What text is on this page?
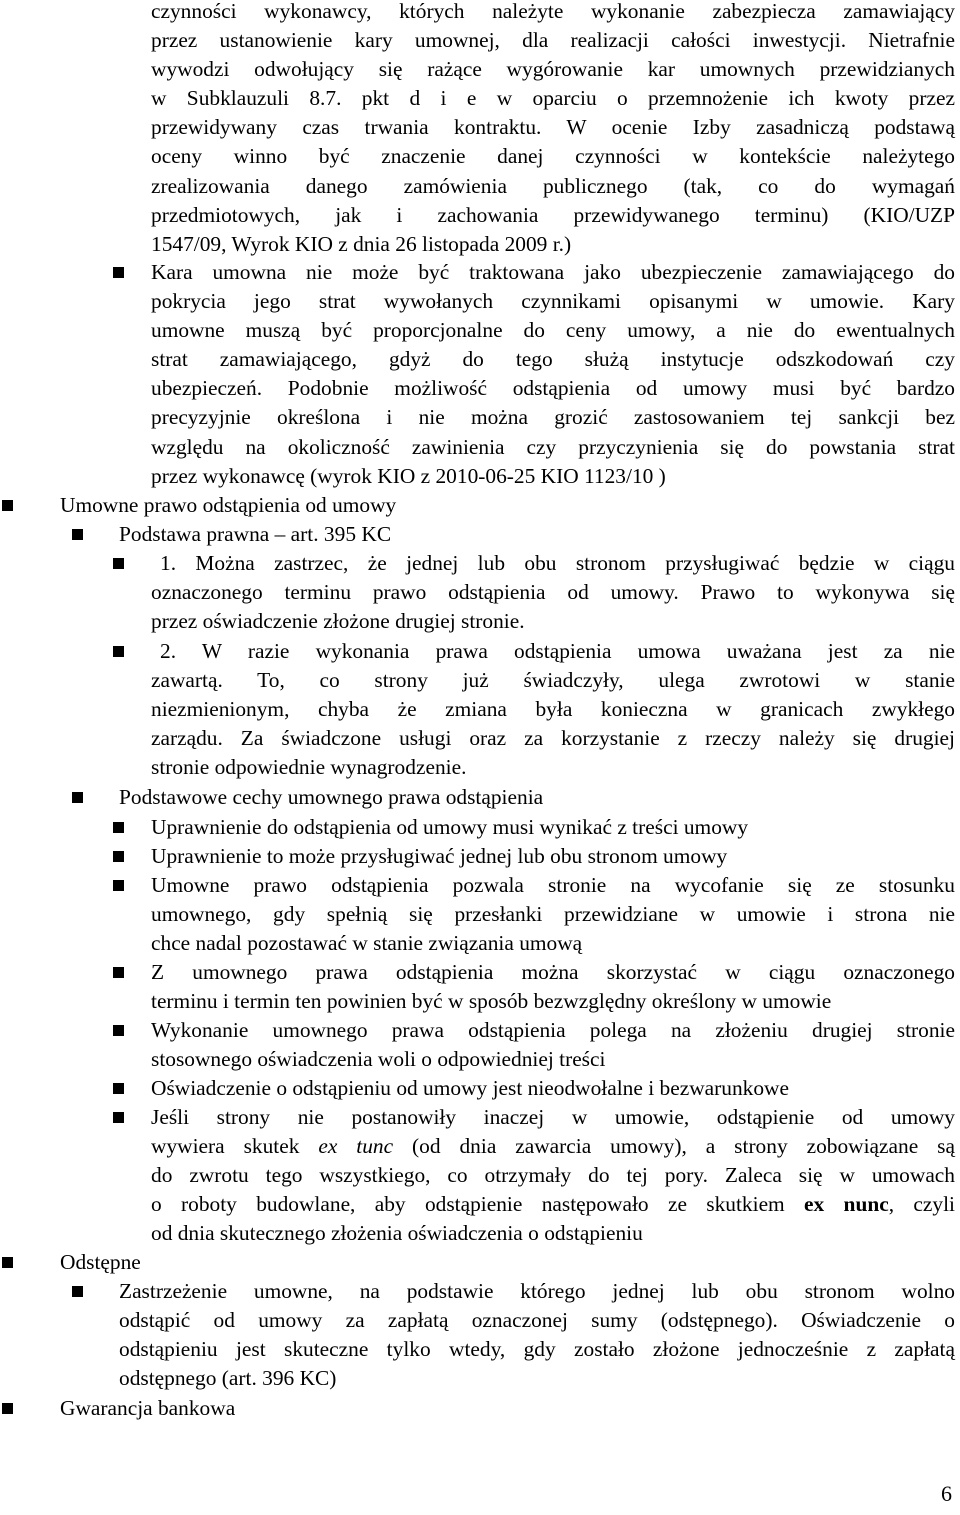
czynności wykonawcy, których należyte wykonanie zabezpiecza zamawiający
przez ustanowienie kary umownej, dla realizacji całości inwestycji. Nietrafnie
wywodzi odwołujący się rażące wygórowanie kar umownych przewidzianych
w Subklauzuli 8.7. pkt d i e w oparciu o przemnożenie ich kwoty przez
przewidywany czas trwania kontraktu. W ocenie Izby zasadniczą podstawą
oceny winno być znaczenie danej czynności w kontekście należytego
zrealizowania danego zamówienia publicznego (tak, co do wymagań
przedmiotowych, jak i zachowania przewidywanego terminu) (KIO/UZP
1547/09, Wyrok KIO z dnia 26 listopada 2009 r.)
Kara umowna nie może być traktowana jako ubezpieczenie zamawiającego do
pokrycia jego strat wywołanych czynnikami opisanymi w umowie. Kary
umowne muszą być proporcjonalne do ceny umowy, a nie do ewentualnych
strat zamawiającego, gdyż do tego służą instytucje odszkodowań czy
ubezpieczeń. Podobnie możliwość odstąpienia od umowy musi być bardzo
precyzyjnie określona i nie można grozić zastosowaniem tej sankcji bez
względu na okoliczność zawinienia czy przyczynienia się do powstania strat
przez wykonawcę (wyrok KIO z 2010-06-25 KIO 1123/10 )
Umowne prawo odstąpienia od umowy
Podstawa prawna – art. 395 KC
1. Można zastrzec, że jednej lub obu stronom przysługiwać będzie w ciągu
oznaczonego terminu prawo odstąpienia od umowy. Prawo to wykonywa się
przez oświadczenie złożone drugiej stronie.
2. W razie wykonania prawa odstąpienia umowa uważana jest za nie
zawartą. To, co strony już świadczyły, ulega zwrotowi w stanie
niezmienionym, chyba że zmiana była konieczna w granicach zwykłego
zarządu. Za świadczone usługi oraz za korzystanie z rzeczy należy się drugiej
stronie odpowiednie wynagrodzenie.
Podstawowe cechy umownego prawa odstąpienia
Uprawnienie do odstąpienia od umowy musi wynikać z treści umowy
Uprawnienie to może przysługiwać jednej lub obu stronom umowy
Umowne prawo odstąpienia pozwala stronie na wycofanie się ze stosunku
umownego, gdy spełnią się przesłanki przewidziane w umowie i strona nie
chce nadal pozostawać w stanie związania umową
Z umownego prawa odstąpienia można skorzystać w ciągu oznaczonego
terminu i termin ten powinien być w sposób bezwzględny określony w umowie
Wykonanie umownego prawa odstąpienia polega na złożeniu drugiej stronie
stosownego oświadczenia woli o odpowiedniej treści
Oświadczenie o odstąpieniu od umowy jest nieodwołalne i bezwarunkowe
Jeśli strony nie postanowiły inaczej w umowie, odstąpienie od umowy
wywiera skutek ex tunc (od dnia zawarcia umowy), a strony zobowiązane są
do zwrotu tego wszystkiego, co otrzymały do tej pory. Zaleca się w umowach
o roboty budowlane, aby odstąpienie następowało ze skutkiem ex nunc, czyli
od dnia skutecznego złożenia oświadczenia o odstąpieniu
Odstępne
Zastrzeżenie umowne, na podstawie którego jednej lub obu stronom wolno
odstąpić od umowy za zapłatą oznaczonej sumy (odstępnego). Oświadczenie o
odstąpieniu jest skuteczne tylko wtedy, gdy zostało złożone jednocześnie z zapłatą
odstępnego (art. 396 KC)
Gwarancja bankowa
6
